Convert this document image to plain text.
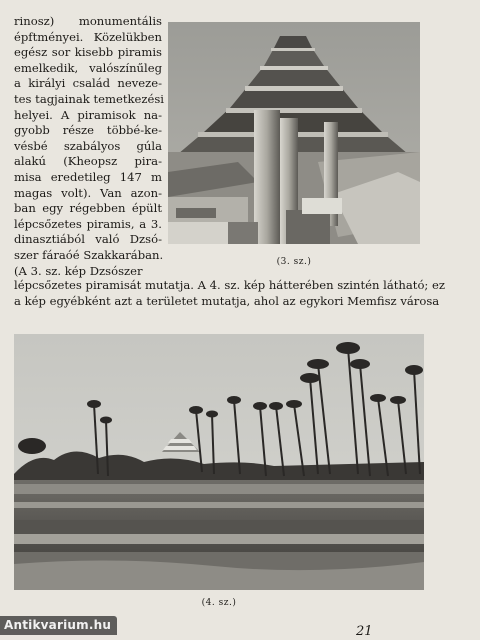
rinosz) monumentális
épftményei. Közelükben
egész sor kisebb piramis
emelkedik, valószínűleg
a királyi család neveze-
tes tagjainak temetkezési
helyei. A piramisok na-
gyobb része többé-ke-
vésbé szabályos gúla
alakú (Kheopsz pira-
misa eredetileg 147 m
magas volt). Van azon-
ban egy régebben épült
lépcsőzetes piramis, a 3.
dinasztiából való Dzsó-
szer fáraóé Szakkarában.
(A 3. sz. kép Dzsószer
(3. sz.)
lépcsőzetes piramisát mutatja. A 4. sz. kép hátterében szintén látható; ez
a kép egyébként azt a területet mutatja, ahol az egykori Memfisz városa
(4. sz.)
21
Antikvarium.hu
